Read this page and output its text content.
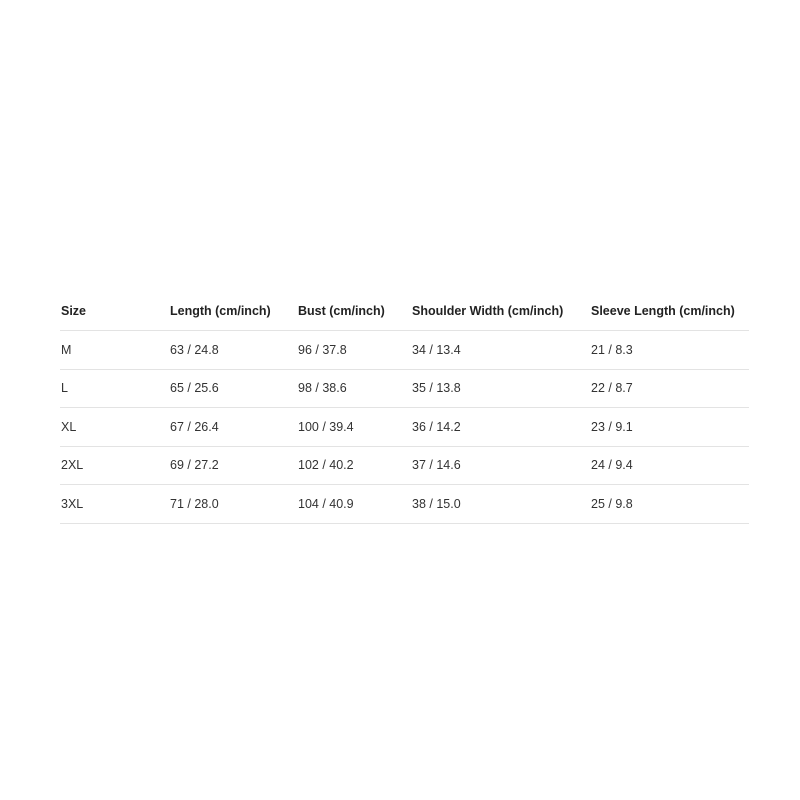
Size	Length (cm/inch)	Bust (cm/inch)	Shoulder Width (cm/inch)	Sleeve Length (cm/inch)
M	63 / 24.8	96 / 37.8	34 / 13.4	21 / 8.3
L	65 / 25.6	98 / 38.6	35 / 13.8	22 / 8.7
XL	67 / 26.4	100 / 39.4	36 / 14.2	23 / 9.1
2XL	69 / 27.2	102 / 40.2	37 / 14.6	24 / 9.4
3XL	71 / 28.0	104 / 40.9	38 / 15.0	25 / 9.8
